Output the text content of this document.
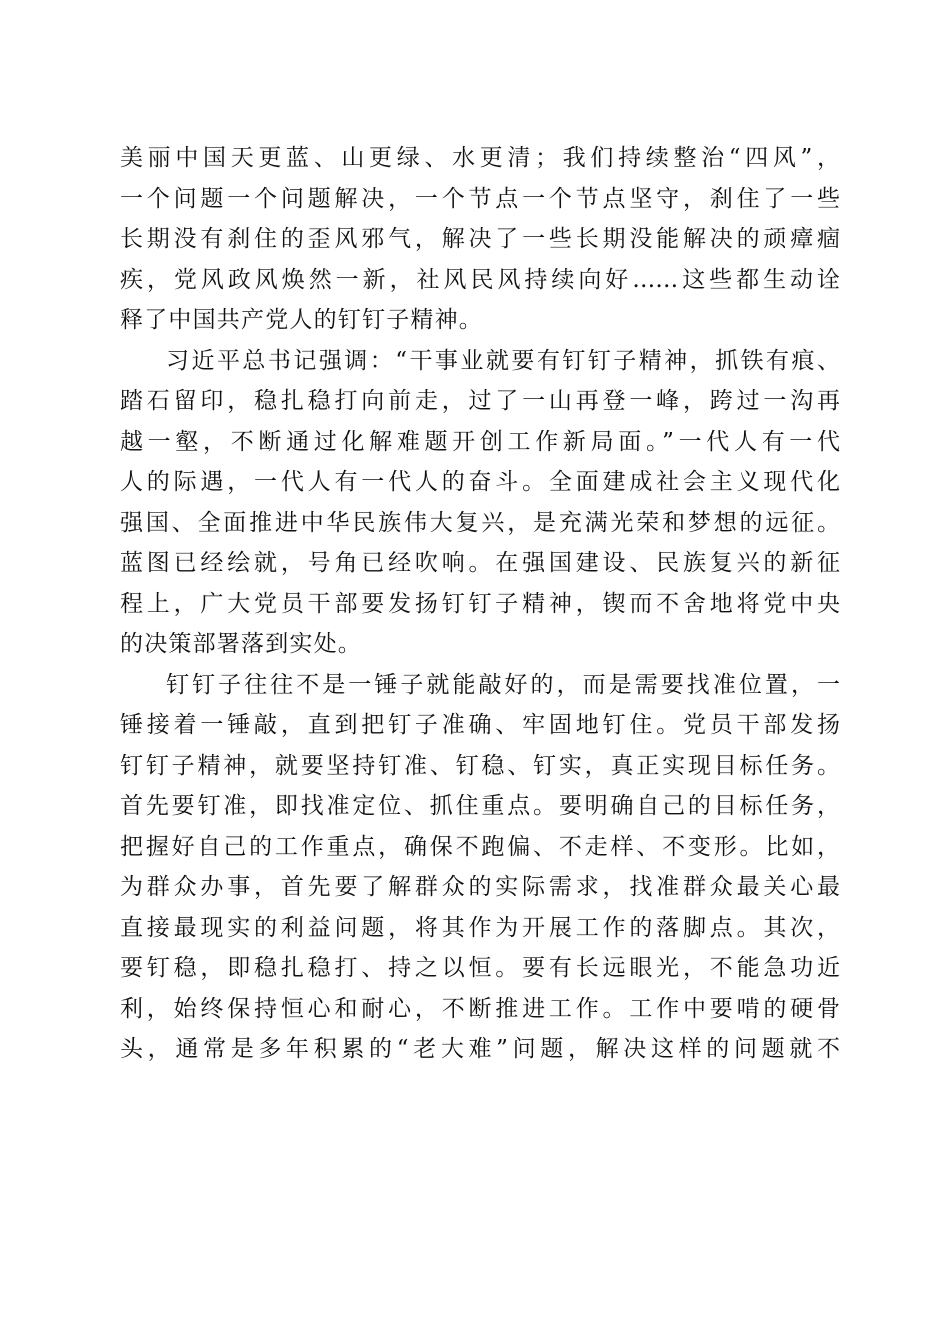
美丽中国天更蓝、山更绿、水更清；我们持续整治“四风”，
一个问题一个问题解决，一个节点一个节点坚守，刹住了一些
长期没有刹住的歪风邪气，解决了一些长期没能解决的顽瘴痼
疾，党风政风焕然一新，社风民风持续向好……这些都生动诠
释了中国共产党人的钉钉子精神。
习近平总书记强调：“干事业就要有钉钉子精神，抓铁有痕、
踏石留印，稳扎稳打向前走，过了一山再登一峰，跨过一沟再
越一壑，不断通过化解难题开创工作新局面。”一代人有一代
人的际遇，一代人有一代人的奋斗。全面建成社会主义现代化
强国、全面推进中华民族伟大复兴，是充满光荣和梦想的远征。
蓝图已经绘就，号角已经吹响。在强国建设、民族复兴的新征
程上，广大党员干部要发扬钉钉子精神，锲而不舍地将党中央
的决策部署落到实处。
钉钉子往往不是一锤子就能敲好的，而是需要找准位置，一
锤接着一锤敲，直到把钉子准确、牢固地钉住。党员干部发扬
钉钉子精神，就要坚持钉准、钉稳、钉实，真正实现目标任务。
首先要钉准，即找准定位、抓住重点。要明确自己的目标任务，
把握好自己的工作重点，确保不跑偏、不走样、不变形。比如，
为群众办事，首先要了解群众的实际需求，找准群众最关心最
直接最现实的利益问题，将其作为开展工作的落脚点。其次，
要钉稳，即稳扎稳打、持之以恒。要有长远眼光，不能急功近
利，始终保持恒心和耐心，不断推进工作。工作中要啃的硬骨
头，通常是多年积累的“老大难”问题，解决这样的问题就不
